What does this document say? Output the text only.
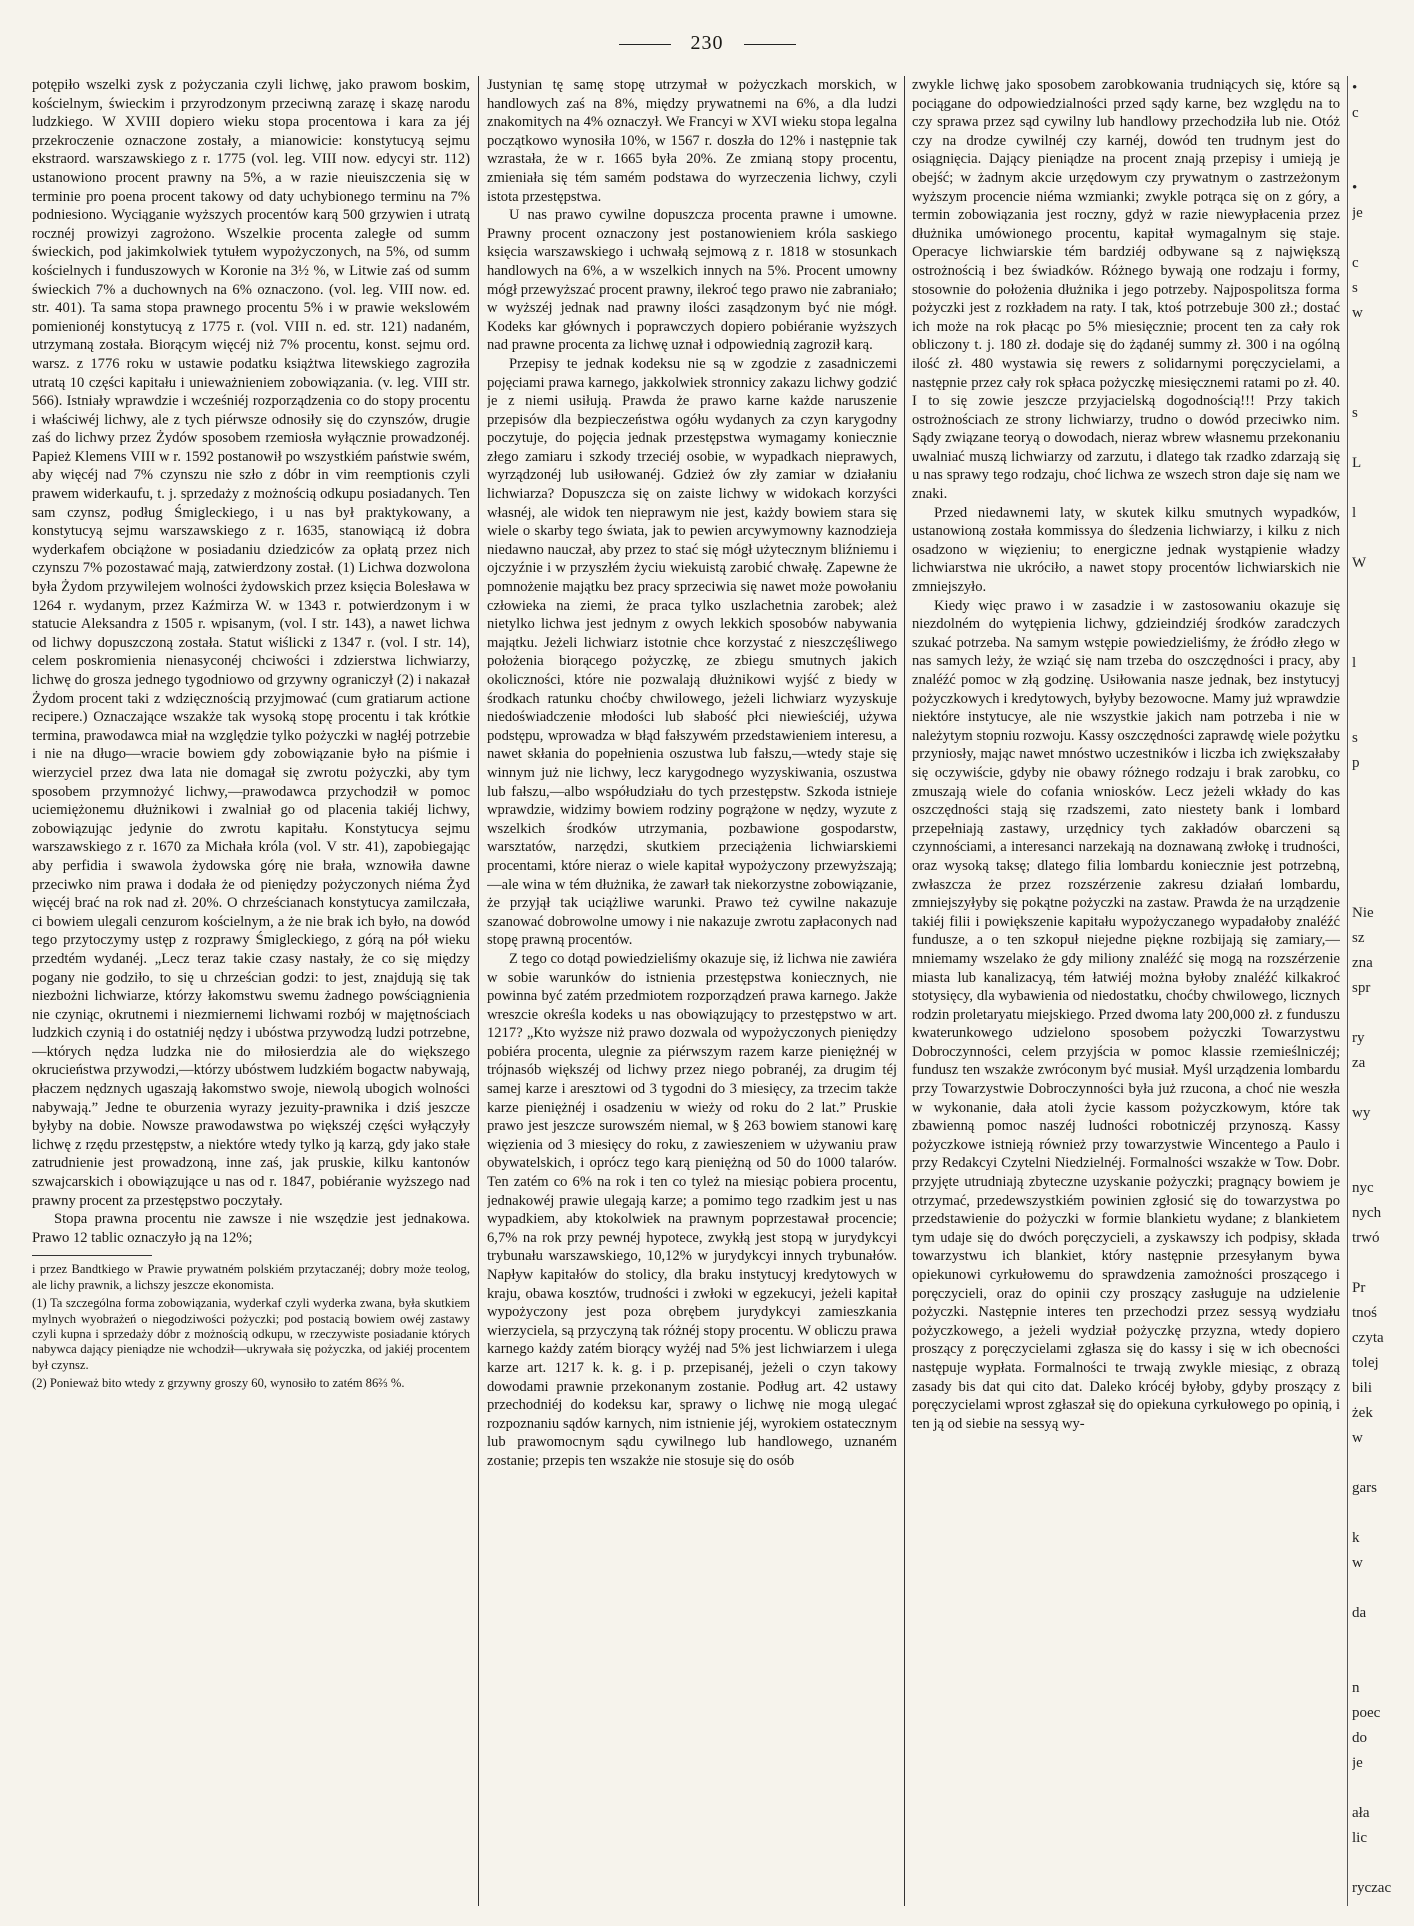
230

potępiło wszelki zysk z pożyczania czyli lichwę, jako prawom boskim, kościelnym, świeckim i przyrodzonym przeciwną zarazę i skazę narodu ludzkiego. W XVIII dopiero wieku stopa procentowa i kara za jéj przekroczenie oznaczone zostały, a mianowicie: konstytucyą sejmu ekstraord. warszawskiego z r. 1775 (vol. leg. VIII now. edycyi str. 112) ustanowiono procent prawny na 5%, a w razie nieuiszczenia się w terminie pro poena procent takowy od daty uchybionego terminu na 7% podniesiono. Wyciąganie wyższych procentów karą 500 grzywien i utratą rocznéj prowizyi zagrożono. Wszelkie procenta zaległe od summ świeckich, pod jakimkolwiek tytułem wypożyczonych, na 5%, od summ kościelnych i funduszowych w Koronie na 3½ %, w Litwie zaś od summ świeckich 7% a duchownych na 6% oznaczono. (vol. leg. VIII now. ed. str. 401). Ta sama stopa prawnego procentu 5% i w prawie wekslowém pomienionéj konstytucyą z 1775 r. (vol. VIII n. ed. str. 121) nadaném, utrzymaną została. Biorącym więcéj niż 7% procentu, konst. sejmu ord. warsz. z 1776 roku w ustawie podatku książtwa litewskiego zagroziła utratą 10 części kapitału i unieważnieniem zobowiązania. (v. leg. VIII str. 566). Istniały wprawdzie i wcześniéj rozporządzenia co do stopy procentu i właściwéj lichwy, ale z tych piérwsze odnosiły się do czynszów, drugie zaś do lichwy przez Żydów sposobem rzemiosła wyłącznie prowadzonéj. Papież Klemens VIII w r. 1592 postanowił po wszystkiém państwie swém, aby więcéj nad 7% czynszu nie szło z dóbr in vim reemptionis czyli prawem widerkaufu, t. j. sprzedaży z możnością odkupu posiadanych. Ten sam czynsz, podług Śmigleckiego, i u nas był praktykowany, a konstytucyą sejmu warszawskiego z r. 1635, stanowiącą iż dobra wyderkafem obciążone w posiadaniu dziedziców za opłatą przez nich czynszu 7% pozostawać mają, zatwierdzony został. (1) Lichwa dozwolona była Żydom przywilejem wolności żydowskich przez księcia Bolesława w 1264 r. wydanym, przez Kaźmirza W. w 1343 r. potwierdzonym i w statucie Aleksandra z 1505 r. wpisanym, (vol. I str. 143), a nawet lichwa od lichwy dopuszczoną została. Statut wiślicki z 1347 r. (vol. I str. 14), celem poskromienia nienasyconéj chciwości i zdzierstwa lichwiarzy, lichwę do grosza jednego tygodniowo od grzywny ograniczył (2) i nakazał Żydom procent taki z wdzięcznością przyjmować (cum gratiarum actione recipere.) Oznaczające wszakże tak wysoką stopę procentu i tak krótkie termina, prawodawca miał na względzie tylko pożyczki w nagłéj potrzebie i nie na długo—wracie bowiem gdy zobowiązanie było na piśmie i wierzyciel przez dwa lata nie domagał się zwrotu pożyczki, aby tym sposobem przymnożyć lichwy,—prawodawca przychodził w pomoc uciemiężonemu dłużnikowi i zwalniał go od placenia takiéj lichwy, zobowiązując jedynie do zwrotu kapitału. Konstytucya sejmu warszawskiego z r. 1670 za Michała króla (vol. V str. 41), zapobiegając aby perfidia i swawola żydowska górę nie brała, wznowiła dawne przeciwko nim prawa i dodała że od pieniędzy pożyczonych niéma Żyd więcéj brać na rok nad zł. 20%. O chrześcianach konstytucya zamilczała, ci bowiem ulegali cenzurom kościelnym, a że nie brak ich było, na dowód tego przytoczymy ustęp z rozprawy Śmigleckiego, z górą na pół wieku przedtém wydanéj. „Lecz teraz takie czasy nastały, że co się między pogany nie godziło, to się u chrześcian godzi: to jest, znajdują się tak niezbożni lichwiarze, którzy łakomstwu swemu żadnego powściągnienia nie czyniąc, okrutnemi i niezmiernemi lichwami rozbój w majętnościach ludzkich czynią i do ostatniéj nędzy i ubóstwa przywodzą ludzi potrzebne,—których nędza ludzka nie do miłosierdzia ale do większego okrucieństwa przywodzi,—którzy ubóstwem ludzkiém bogactw nabywają, płaczem nędznych ugaszają łakomstwo swoje, niewolą ubogich wolności nabywają.” Jedne te oburzenia wyrazy jezuity-prawnika i dziś jeszcze byłyby na dobie. Nowsze prawodawstwa po większéj części wyłączyły lichwę z rzędu przestępstw, a niektóre wtedy tylko ją karzą, gdy jako stałe zatrudnienie jest prowadzoną, inne zaś, jak pruskie, kilku kantonów szwajcarskich i obowiązujące u nas od r. 1847, pobiéranie wyższego nad prawny procent za przestępstwo poczytały.

Stopa prawna procentu nie zawsze i nie wszędzie jest jednakowa. Prawo 12 tablic oznaczyło ją na 12%;

i przez Bandtkiego w Prawie prywatném polskiém przytaczanéj; dobry może teolog, ale lichy prawnik, a lichszy jeszcze ekonomista.

(1) Ta szczególna forma zobowiązania, wyderkaf czyli wyderka zwana, była skutkiem mylnych wyobrażeń o niegodziwości pożyczki; pod postacią bowiem owéj zastawy czyli kupna i sprzedaży dóbr z możnością odkupu, w rzeczywiste posiadanie których nabywca dający pieniądze nie wchodził—ukrywała się pożyczka, od jakiéj procentem był czynsz.

(2) Ponieważ bito wtedy z grzywny groszy 60, wynosiło to zatém 86⅔ %.

Justynian tę samę stopę utrzymał w pożyczkach morskich, w handlowych zaś na 8%, między prywatnemi na 6%, a dla ludzi znakomitych na 4% oznaczył. We Francyi w XVI wieku stopa legalna początkowo wynosiła 10%, w 1567 r. doszła do 12% i następnie tak wzrastała, że w r. 1665 była 20%. Ze zmianą stopy procentu, zmieniała się tém samém podstawa do wyrzeczenia lichwy, czyli istota przestępstwa.

U nas prawo cywilne dopuszcza procenta prawne i umowne. Prawny procent oznaczony jest postanowieniem króla saskiego księcia warszawskiego i uchwałą sejmową z r. 1818 w stosunkach handlowych na 6%, a w wszelkich innych na 5%. Procent umowny mógł przewyższać procent prawny, ilekroć tego prawo nie zabraniało; w wyższéj jednak nad prawny ilości zasądzonym być nie mógł. Kodeks kar głównych i poprawczych dopiero pobiéranie wyższych nad prawne procenta za lichwę uznał i odpowiednią zagroził karą.

Przepisy te jednak kodeksu nie są w zgodzie z zasadniczemi pojęciami prawa karnego, jakkolwiek stronnicy zakazu lichwy godzić je z niemi usiłują. Prawda że prawo karne każde naruszenie przepisów dla bezpieczeństwa ogółu wydanych za czyn karygodny poczytuje, do pojęcia jednak przestępstwa wymagamy koniecznie złego zamiaru i szkody trzeciéj osobie, w wypadkach nieprawych, wyrządzonéj lub usiłowanéj. Gdzież ów zły zamiar w działaniu lichwiarza? Dopuszcza się on zaiste lichwy w widokach korzyści własnéj, ale widok ten nieprawym nie jest, każdy bowiem stara się wiele o skarby tego świata, jak to pewien arcywymowny kaznodzieja niedawno nauczał, aby przez to stać się mógł użytecznym bliźniemu i ojczyźnie i w przyszłém życiu wiekuistą zarobić chwałę. Zapewne że pomnożenie majątku bez pracy sprzeciwia się nawet może powołaniu człowieka na ziemi, że praca tylko uszlachetnia zarobek; ależ nietylko lichwa jest jednym z owych lekkich sposobów nabywania majątku. Jeżeli lichwiarz istotnie chce korzystać z nieszczęśliwego położenia biorącego pożyczkę, ze zbiegu smutnych jakich okoliczności, które nie pozwalają dłużnikowi wyjść z biedy w środkach ratunku choćby chwilowego, jeżeli lichwiarz wyzyskuje niedoświadczenie młodości lub słabość płci niewieściéj, używa podstępu, wprowadza w błąd fałszywém przedstawieniem interesu, a nawet skłania do popełnienia oszustwa lub fałszu,—wtedy staje się winnym już nie lichwy, lecz karygodnego wyzyskiwania, oszustwa lub fałszu,—albo współudziału do tych przestępstw. Szkoda istnieje wprawdzie, widzimy bowiem rodziny pogrążone w nędzy, wyzute z wszelkich środków utrzymania, pozbawione gospodarstw, warsztatów, narzędzi, skutkiem przeciążenia lichwiarskiemi procentami, które nieraz o wiele kapitał wypożyczony przewyższają;—ale wina w tém dłużnika, że zawarł tak niekorzystne zobowiązanie, że przyjął tak uciążliwe warunki. Prawo też cywilne nakazuje szanować dobrowolne umowy i nie nakazuje zwrotu zapłaconych nad stopę prawną procentów.

Z tego co dotąd powiedzieliśmy okazuje się, iż lichwa nie zawiéra w sobie warunków do istnienia przestępstwa koniecznych, nie powinna być zatém przedmiotem rozporządzeń prawa karnego. Jakże wreszcie określa kodeks u nas obowiązujący to przestępstwo w art. 1217? „Kto wyższe niż prawo dozwala od wypożyczonych pieniędzy pobiéra procenta, ulegnie za piérwszym razem karze pieniężnéj w trójnasób większéj od lichwy przez niego pobranéj, za drugim téj samej karze i aresztowi od 3 tygodni do 3 miesięcy, za trzecim także karze pieniężnéj i osadzeniu w wieży od roku do 2 lat.” Pruskie prawo jest jeszcze surowszém niemal, w § 263 bowiem stanowi karę więzienia od 3 miesięcy do roku, z zawieszeniem w używaniu praw obywatelskich, i oprócz tego karą pieniężną od 50 do 1000 talarów. Ten zatém co 6% na rok i ten co tyleż na miesiąc pobiera procentu, jednakowéj prawie ulegają karze; a pomimo tego rzadkim jest u nas wypadkiem, aby ktokolwiek na prawnym poprzestawał procencie; 6,7% na rok przy pewnéj hypotece, zwykłą jest stopą w jurydykcyi trybunału warszawskiego, 10,12% w jurydykcyi innych trybunałów. Napływ kapitałów do stolicy, dla braku instytucyj kredytowych w kraju, obawa kosztów, trudności i zwłoki w egzekucyi, jeżeli kapitał wypożyczony jest poza obrębem jurydykcyi zamieszkania wierzyciela, są przyczyną tak różnéj stopy procentu. W obliczu prawa karnego każdy zatém biorący wyżéj nad 5% jest lichwiarzem i ulega karze art. 1217 k. k. g. i p. przepisanéj, jeżeli o czyn takowy dowodami prawnie przekonanym zostanie. Podług art. 42 ustawy przechodniéj do kodeksu kar, sprawy o lichwę nie mogą ulegać rozpoznaniu sądów karnych, nim istnienie jéj, wyrokiem ostatecznym lub prawomocnym sądu cywilnego lub handlowego, uznaném zostanie; przepis ten wszakże nie stosuje się do osób

zwykle lichwę jako sposobem zarobkowania trudniących się, które są pociągane do odpowiedzialności przed sądy karne, bez względu na to czy sprawa przez sąd cywilny lub handlowy przechodziła lub nie. Otóż czy na drodze cywilnéj czy karnéj, dowód ten trudnym jest do osiągnięcia. Dający pieniądze na procent znają przepisy i umieją je obejść; w żadnym akcie urzędowym czy prywatnym o zastrzeżonym wyższym procencie niéma wzmianki; zwykle potrąca się on z góry, a termin zobowiązania jest roczny, gdyż w razie niewypłacenia przez dłużnika umówionego procentu, kapitał wymagalnym się staje. Operacye lichwiarskie tém bardziéj odbywane są z największą ostrożnością i bez świadków. Różnego bywają one rodzaju i formy, stosownie do położenia dłużnika i jego potrzeby. Najpospolitsza forma pożyczki jest z rozkładem na raty. I tak, ktoś potrzebuje 300 zł.; dostać ich może na rok płacąc po 5% miesięcznie; procent ten za cały rok obliczony t. j. 180 zł. dodaje się do żądanéj summy zł. 300 i na ogólną ilość zł. 480 wystawia się rewers z solidarnymi poręczycielami, a następnie przez cały rok spłaca pożyczkę miesięcznemi ratami po zł. 40. I to się zowie jeszcze przyjacielską dogodnością!!! Przy takich ostrożnościach ze strony lichwiarzy, trudno o dowód przeciwko nim. Sądy związane teoryą o dowodach, nieraz wbrew własnemu przekonaniu uwalniać muszą lichwiarzy od zarzutu, i dlatego tak rzadko zdarzają się u nas sprawy tego rodzaju, choć lichwa ze wszech stron daje się nam we znaki.

Przed niedawnemi laty, w skutek kilku smutnych wypadków, ustanowioną została kommissya do śledzenia lichwiarzy, i kilku z nich osadzono w więzieniu; to energiczne jednak wystąpienie władzy lichwiarstwa nie ukróciło, a nawet stopy procentów lichwiarskich nie zmniejszyło.

Kiedy więc prawo i w zasadzie i w zastosowaniu okazuje się niezdolném do wytępienia lichwy, gdzieindziéj środków zaradczych szukać potrzeba. Na samym wstępie powiedzieliśmy, że źródło złego w nas samych leży, że wziąć się nam trzeba do oszczędności i pracy, aby znaléźć pomoc w złą godzinę. Usiłowania nasze jednak, bez instytucyj pożyczkowych i kredytowych, byłyby bezowocne. Mamy już wprawdzie niektóre instytucye, ale nie wszystkie jakich nam potrzeba i nie w należytym stopniu rozwoju. Kassy oszczędności zaprawdę wiele pożytku przyniosły, mając nawet mnóstwo uczestników i liczba ich zwiększałaby się oczywiście, gdyby nie obawy różnego rodzaju i brak zarobku, co zmuszają wiele do cofania wniosków. Lecz jeżeli wkłady do kas oszczędności stają się rzadszemi, zato niestety bank i lombard przepełniają zastawy, urzędnicy tych zakładów obarczeni są czynnościami, a interesanci narzekają na doznawaną zwłokę i trudności, oraz wysoką taksę; dlatego filia lombardu koniecznie jest potrzebną, zwłaszcza że przez rozszérzenie zakresu działań lombardu, zmniejszyłyby się pokątne pożyczki na zastaw. Prawda że na urządzenie takiéj filii i powiększenie kapitału wypożyczanego wypadałoby znaléźć fundusze, a o ten szkopuł niejedne piękne rozbijają się zamiary,—mniemamy wszelako że gdy miliony znaléźć się mogą na rozszérzenie miasta lub kanalizacyą, tém łatwiéj można byłoby znaléźć kilkakroć stotysięcy, dla wybawienia od niedostatku, choćby chwilowego, licznych rodzin proletaryatu miejskiego. Przed dwoma laty 200,000 zł. z funduszu kwaterunkowego udzielono sposobem pożyczki Towarzystwu Dobroczynności, celem przyjścia w pomoc klassie rzemieślniczéj; fundusz ten wszakże zwróconym być musiał. Myśl urządzenia lombardu przy Towarzystwie Dobroczynności była już rzucona, a choć nie weszła w wykonanie, dała atoli życie kassom pożyczkowym, które tak zbawienną pomoc naszéj ludności robotniczéj przynoszą. Kassy pożyczkowe istnieją również przy towarzystwie Wincentego a Paulo i przy Redakcyi Czytelni Niedzielnéj. Formalności wszakże w Tow. Dobr. przyjęte utrudniają zbyteczne uzyskanie pożyczki; pragnący bowiem je otrzymać, przedewszystkiém powinien zgłosić się do towarzystwa po przedstawienie do pożyczki w formie blankietu wydane; z blankietem tym udaje się do dwóch poręczycieli, a zyskawszy ich podpisy, składa towarzystwu ich blankiet, który następnie przesyłanym bywa opiekunowi cyrkułowemu do sprawdzenia zamożności proszącego i poręczycieli, oraz do opinii czy proszący zasługuje na udzielenie pożyczki. Następnie interes ten przechodzi przez sessyą wydziału pożyczkowego, a jeżeli wydział pożyczkę przyzna, wtedy dopiero proszący z poręczycielami zgłasza się do kassy i się w ich obecności następuje wypłata. Formalności te trwają zwykle miesiąc, z obrazą zasady bis dat qui cito dat. Daleko krócéj byłoby, gdyby proszący z poręczycielami wprost zgłaszał się do opiekuna cyrkułowego po opinią, i ten ją od siebie na sessyą wy-

•
c

•
je

c
s
w

s

L

l

W

l

s
p

Nie
sz
zna
spr

ry
za

wy

nyc
nych
trwó

Pr
tnoś
czyta
tolej
bili
żek
w

gars

k
w

da

n
poec
do
je

ała
lic

ryczac
